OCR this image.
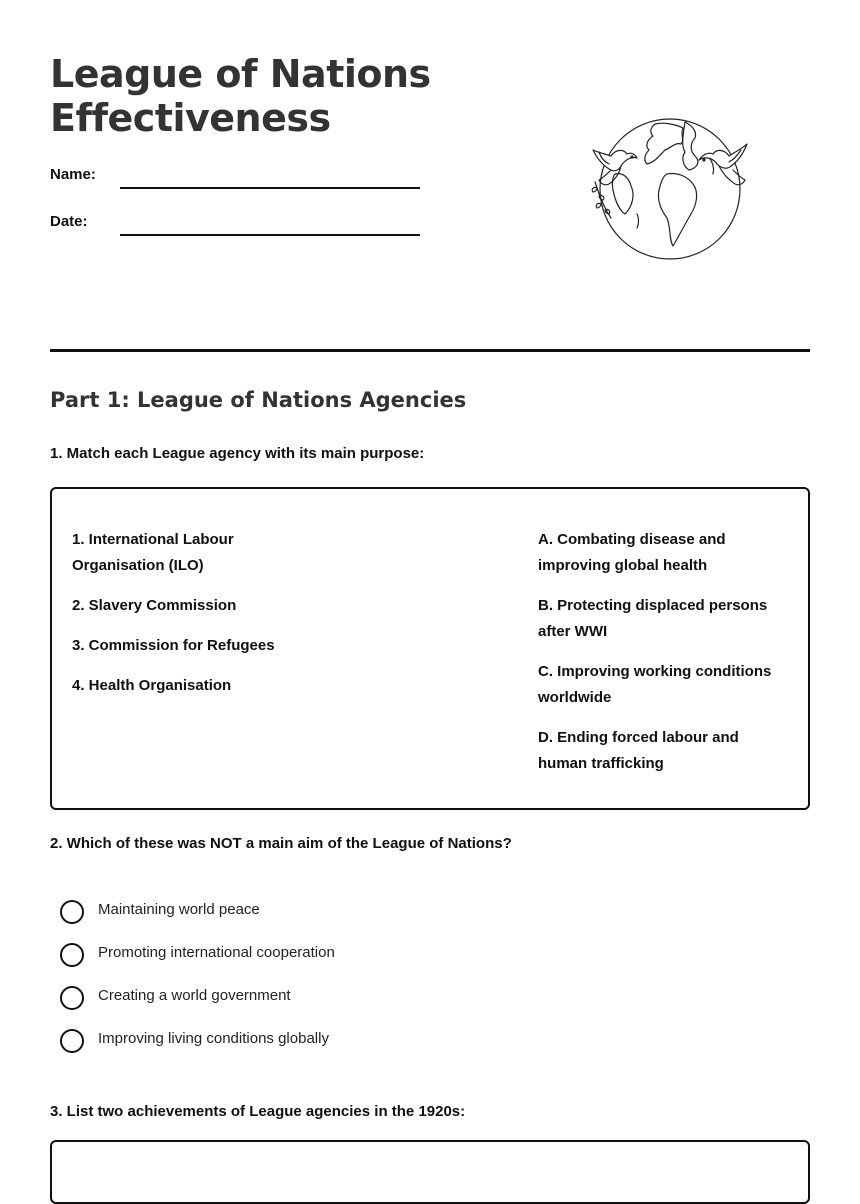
League of Nations Effectiveness
Name:
Date:
Part 1: League of Nations Agencies

1. Match each League agency with its main purpose:

1. International Labour Organisation (ILO)
2. Slavery Commission
3. Commission for Refugees
4. Health Organisation
A. Combating disease and improving global health
B. Protecting displaced persons after WWI
C. Improving working conditions worldwide
D. Ending forced labour and human trafficking

2. Which of these was NOT a main aim of the League of Nations?

Maintaining world peace
Promoting international cooperation
Creating a world government
Improving living conditions globally

3. List two achievements of League agencies in the 1920s:
